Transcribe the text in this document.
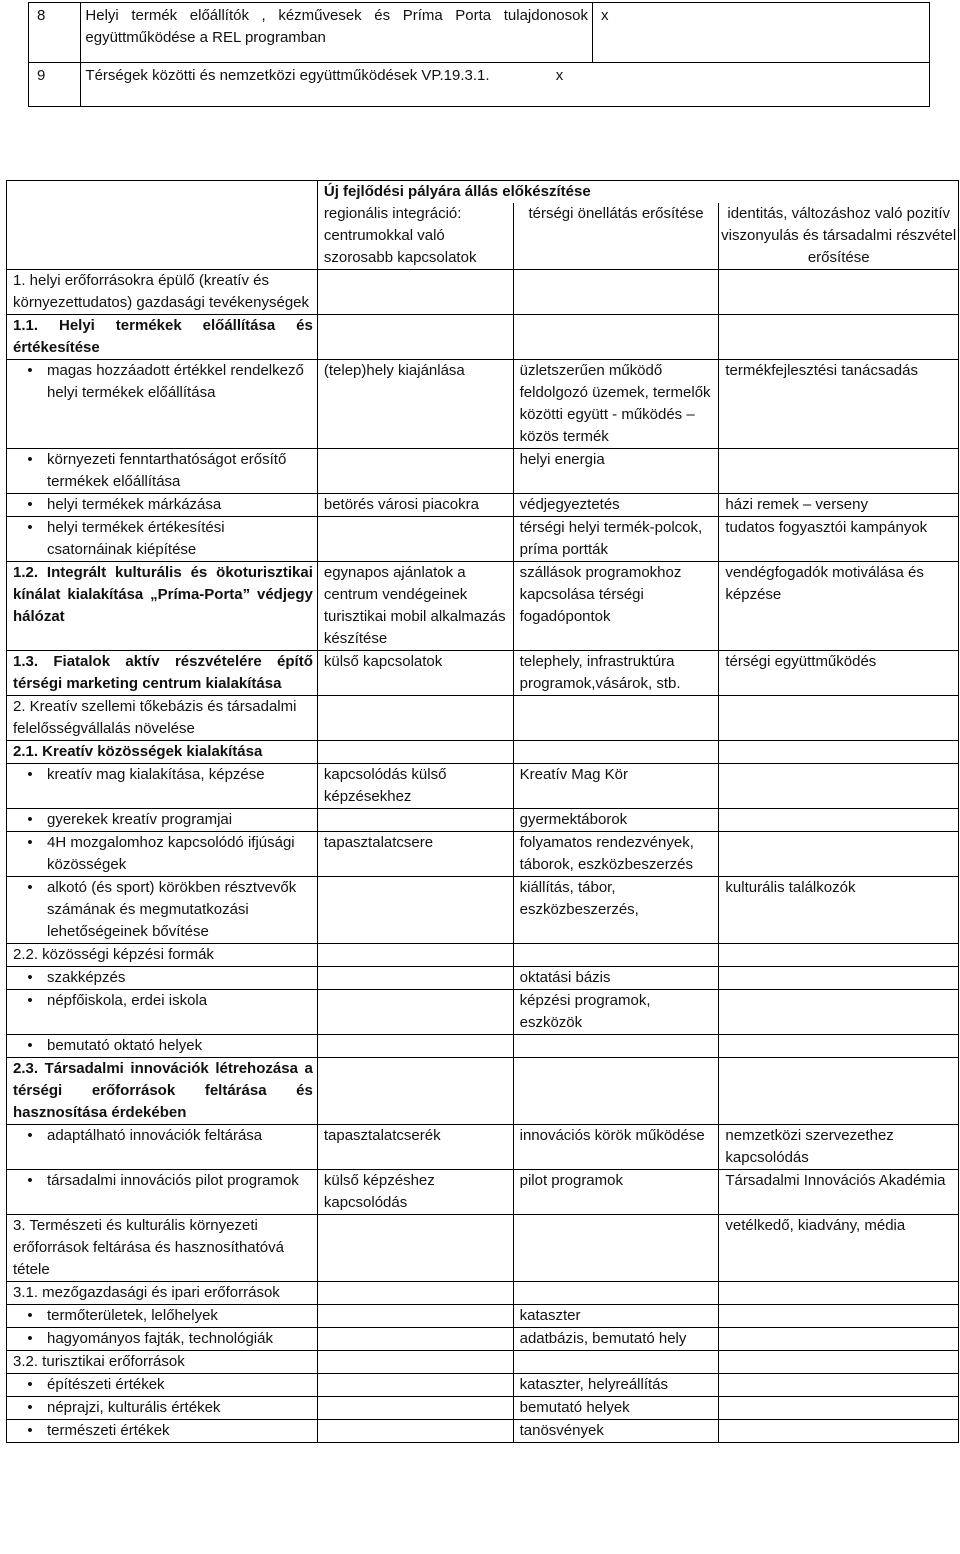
8	Helyi termék előállítók , kézművesek és Príma Porta tulajdonosok együttműködése a REL programban	x
9	Térségek közötti és nemzetközi együttműködések VP.19.3.1. x	
	Új fejlődési pályára állás előkészítése		
	regionális integráció: centrumokkal való szorosabb kapcsolatok	térségi önellátás erősítése	identitás, változáshoz való pozitív viszonyulás és társadalmi részvétel erősítése
1. helyi erőforrásokra épülő (kreatív és környezettudatos) gazdasági tevékenységek			
1.1. Helyi termékek előállítása és értékesítése			
• magas hozzáadott értékkel rendelkező helyi termékek előállítása	(telep)hely kiajánlása	üzletszerűen működő feldolgozó üzemek, termelők közötti együtt - működés – közös termék	termékfejlesztési tanácsadás
• környezeti fenntarthatóságot erősítő termékek előállítása		helyi energia	
• helyi termékek márkázása	betörés városi piacokra	védjegyeztetés	házi remek – verseny
• helyi termékek értékesítési csatornáinak kiépítése		térségi helyi termék-polcok, príma portták	tudatos fogyasztói kampányok
1.2. Integrált kulturális és ökoturisztikai kínálat kialakítása „Príma-Porta” védjegy hálózat	egynapos ajánlatok a centrum vendégeinek turisztikai mobil alkalmazás készítése	szállások programokhoz kapcsolása térségi fogadópontok	vendégfogadók motiválása és képzése
1.3. Fiatalok aktív részvételére építő térségi marketing centrum kialakítása	külső kapcsolatok	telephely, infrastruktúra programok,vásárok, stb.	térségi együttműködés
2. Kreatív szellemi tőkebázis és társadalmi felelősségvállalás növelése			
2.1. Kreatív közösségek kialakítása			
• kreatív mag kialakítása, képzése	kapcsolódás külső képzésekhez	Kreatív Mag Kör	
• gyerekek kreatív programjai		gyermektáborok	
• 4H mozgalomhoz kapcsolódó ifjúsági közösségek	tapasztalatcsere	folyamatos rendezvények, táborok, eszközbeszerzés	
• alkotó (és sport) körökben résztvevők számának és megmutatkozási lehetőségeinek bővítése		kiállítás, tábor, eszközbeszerzés,	kulturális találkozók
2.2. közösségi képzési formák			
• szakképzés		oktatási bázis	
• népfőiskola, erdei iskola		képzési programok, eszközök	
• bemutató oktató helyek			
2.3. Társadalmi innovációk létrehozása a térségi erőforrások feltárása és hasznosítása érdekében			
• adaptálható innovációk feltárása	tapasztalatcserék	innovációs körök működése	nemzetközi szervezethez kapcsolódás
• társadalmi innovációs pilot programok	külső képzéshez kapcsolódás	pilot programok	Társadalmi Innovációs Akadémia
3. Természeti és kulturális környezeti erőforrások feltárása és hasznosíthatóvá tétele			vetélkedő, kiadvány, média
3.1. mezőgazdasági és ipari erőforrások			
• termőterületek, lelőhelyek		kataszter	
• hagyományos fajták, technológiák		adatbázis, bemutató hely	
3.2. turisztikai erőforrások			
• építészeti értékek		kataszter, helyreállítás	
• néprajzi, kulturális értékek		bemutató helyek	
• természeti értékek		tanösvények	
